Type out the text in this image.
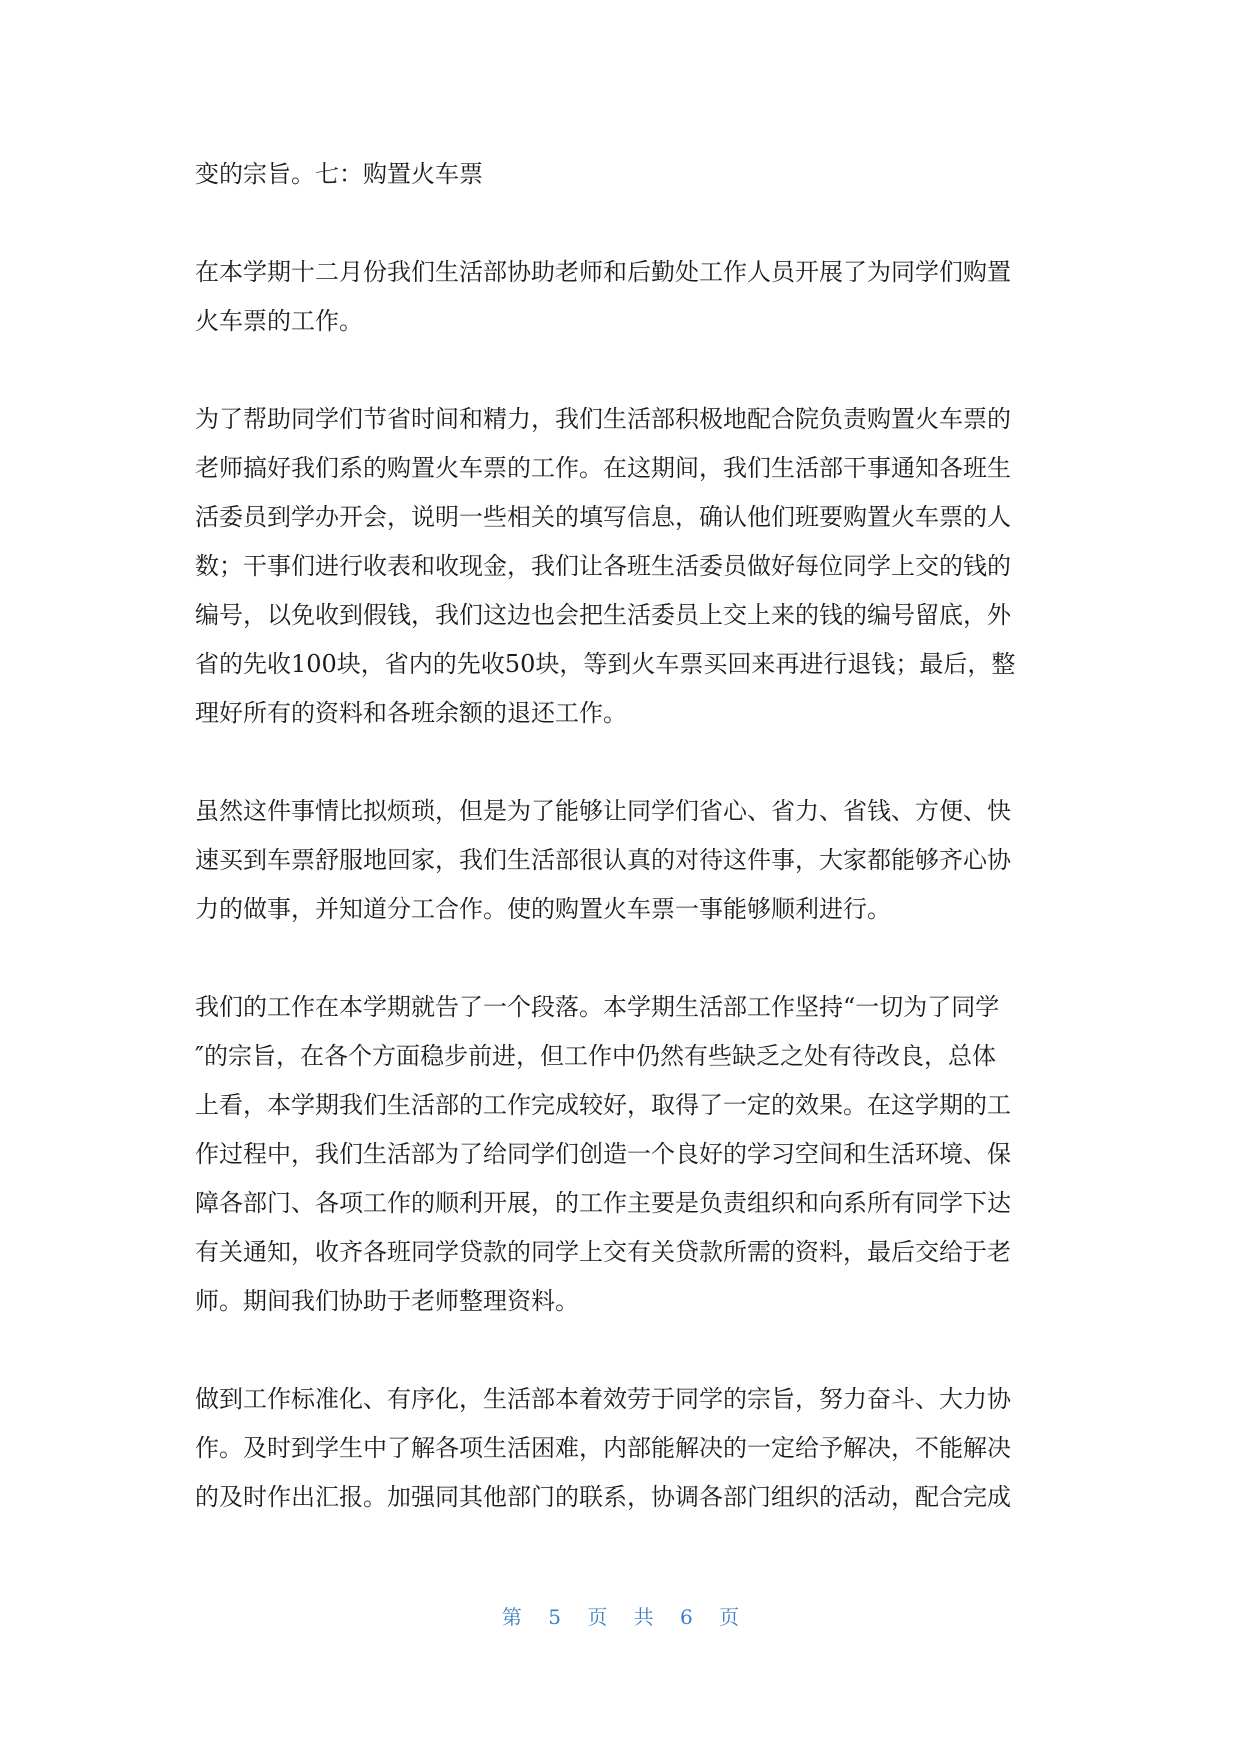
变的宗旨。七：购置火车票

在本学期十二月份我们生活部协助老师和后勤处工作人员开展了为同学们购置
火车票的工作。

为了帮助同学们节省时间和精力，我们生活部积极地配合院负责购置火车票的
老师搞好我们系的购置火车票的工作。在这期间，我们生活部干事通知各班生
活委员到学办开会，说明一些相关的填写信息，确认他们班要购置火车票的人
数；干事们进行收表和收现金，我们让各班生活委员做好每位同学上交的钱的
编号，以免收到假钱，我们这边也会把生活委员上交上来的钱的编号留底，外
省的先收100块，省内的先收50块，等到火车票买回来再进行退钱；最后，整
理好所有的资料和各班余额的退还工作。

虽然这件事情比拟烦琐，但是为了能够让同学们省心、省力、省钱、方便、快
速买到车票舒服地回家，我们生活部很认真的对待这件事，大家都能够齐心协
力的做事，并知道分工合作。使的购置火车票一事能够顺利进行。

我们的工作在本学期就告了一个段落。本学期生活部工作坚持“一切为了同学
″的宗旨，在各个方面稳步前进，但工作中仍然有些缺乏之处有待改良，总体
上看，本学期我们生活部的工作完成较好，取得了一定的效果。在这学期的工
作过程中，我们生活部为了给同学们创造一个良好的学习空间和生活环境、保
障各部门、各项工作的顺利开展，的工作主要是负责组织和向系所有同学下达
有关通知，收齐各班同学贷款的同学上交有关贷款所需的资料，最后交给于老
师。期间我们协助于老师整理资料。

做到工作标准化、有序化，生活部本着效劳于同学的宗旨，努力奋斗、大力协
作。及时到学生中了解各项生活困难，内部能解决的一定给予解决，不能解决
的及时作出汇报。加强同其他部门的联系，协调各部门组织的活动，配合完成

第 5 页 共 6 页
